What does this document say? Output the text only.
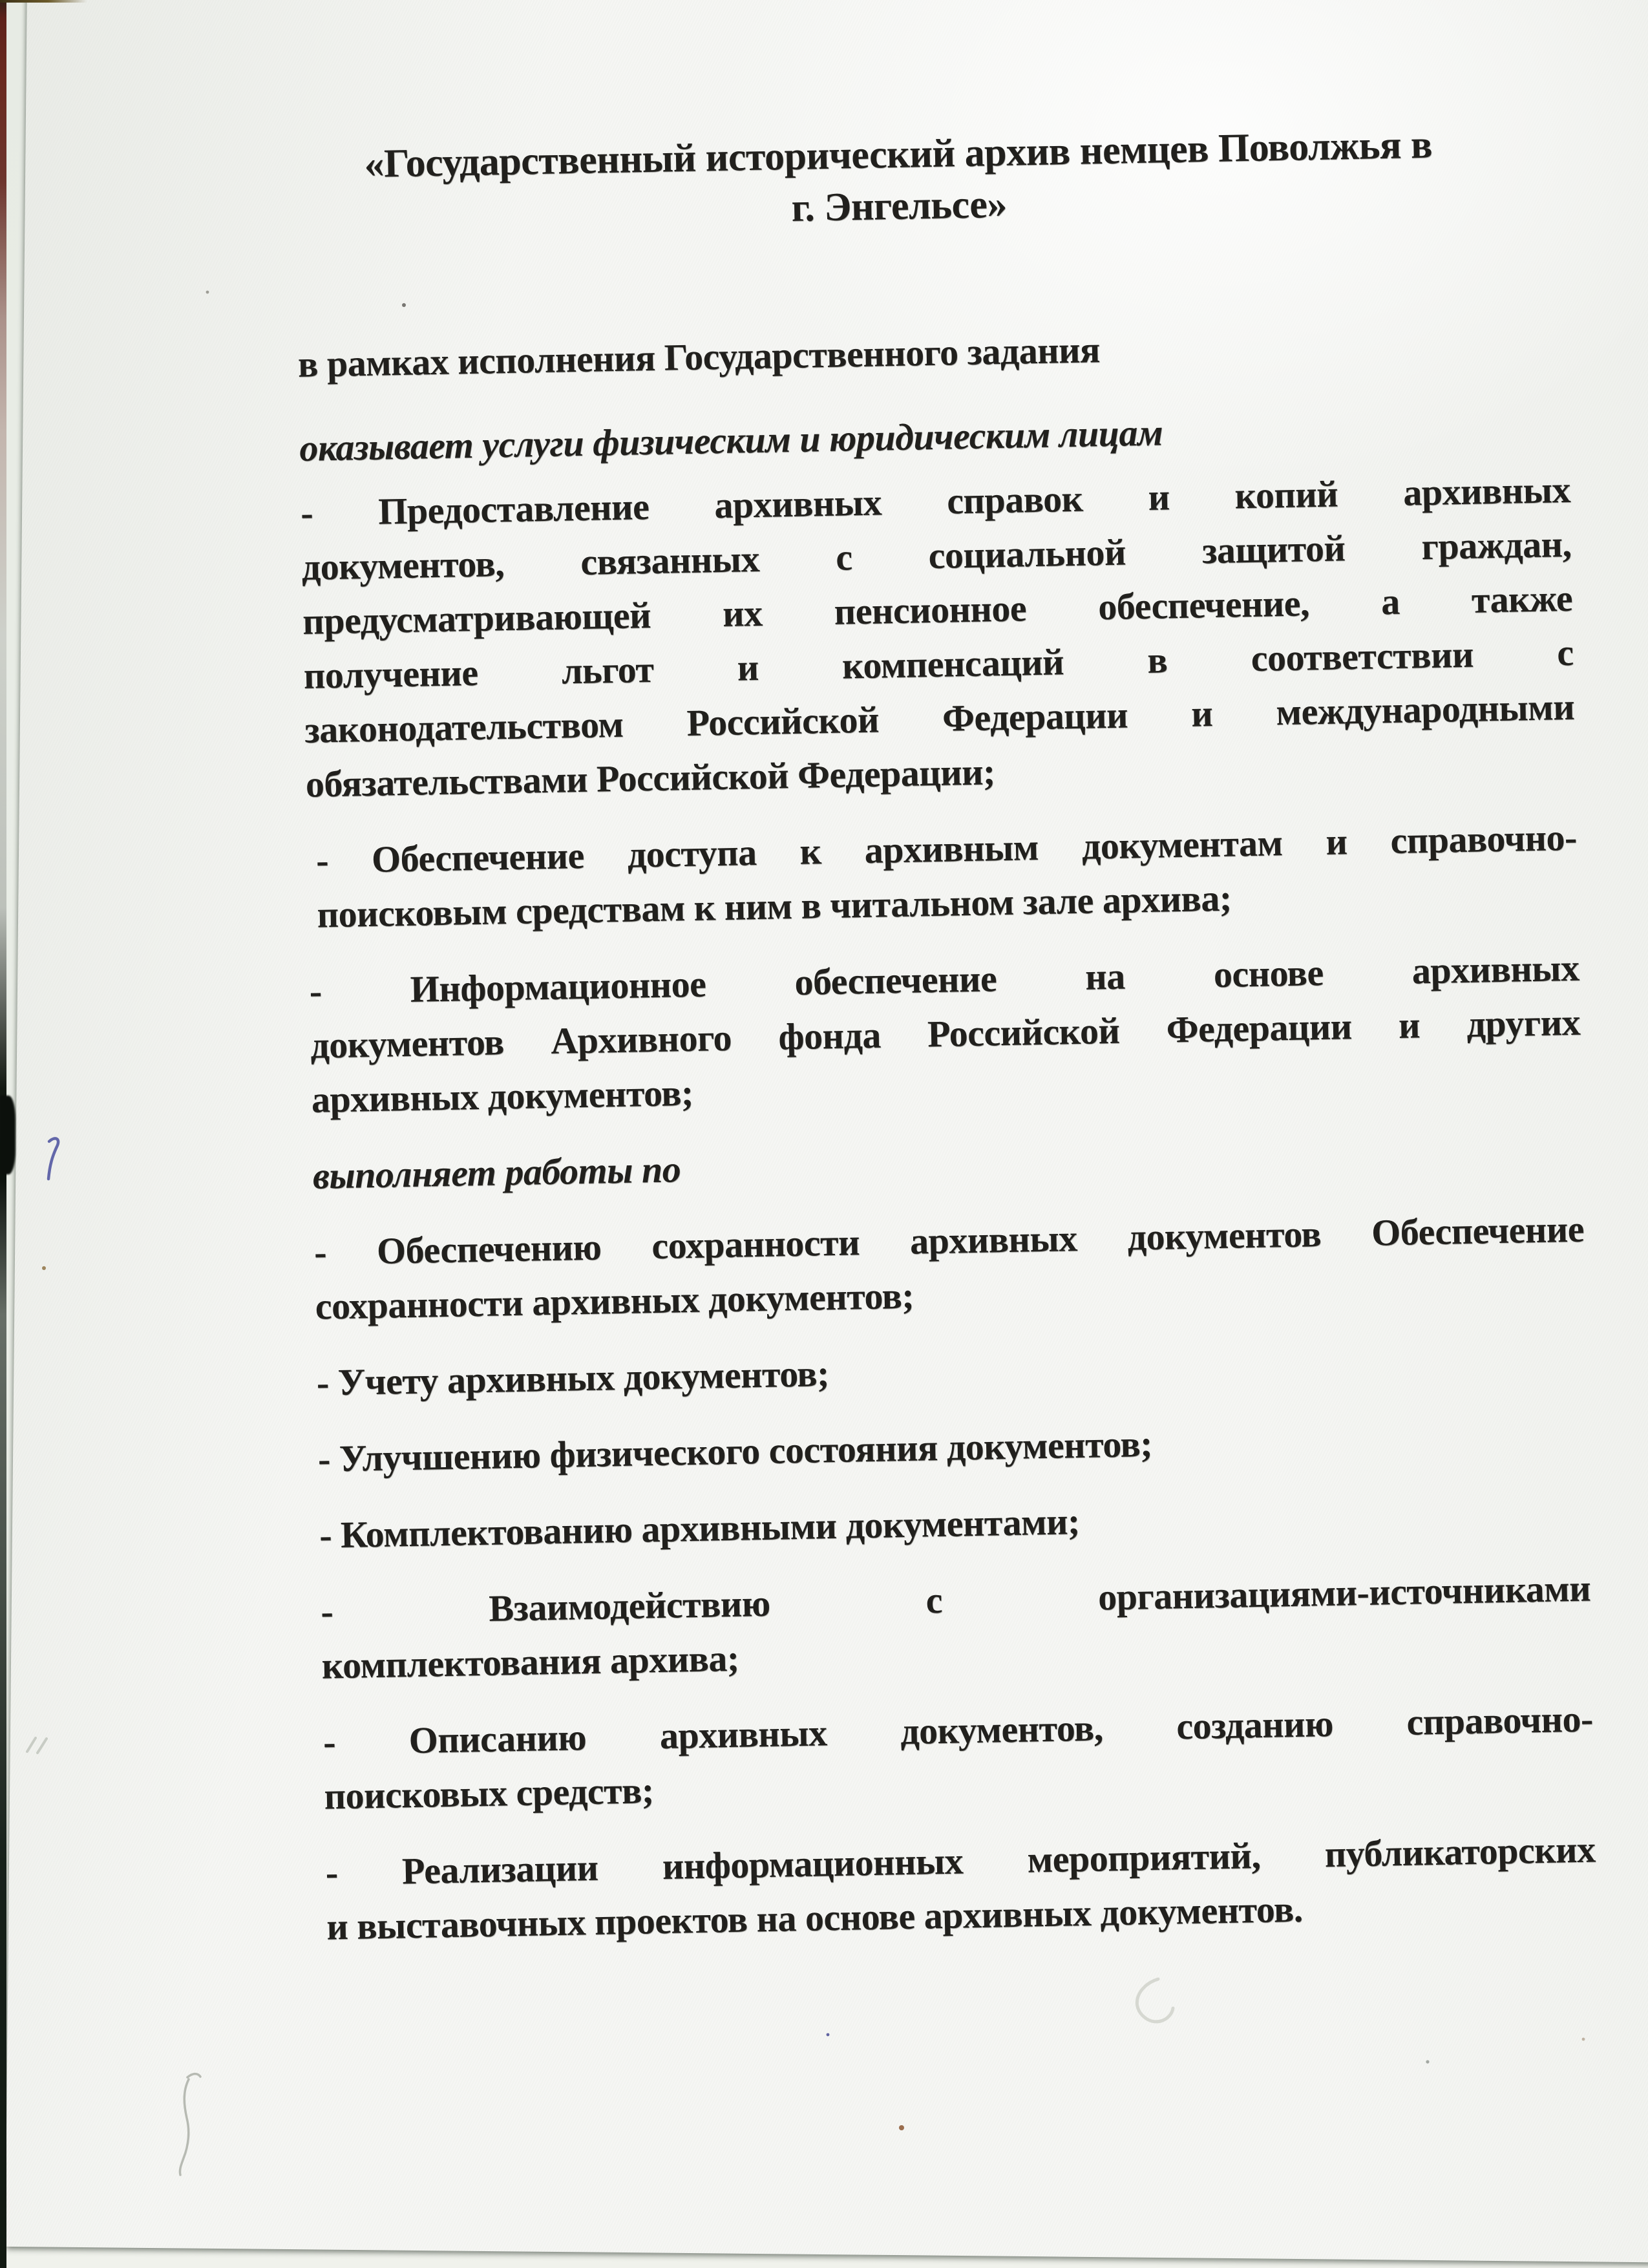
«Государственный исторический архив немцев Поволжья в
г. Энгельсе»

в рамках исполнения Государственного задания

оказывает услуги физическим и юридическим лицам

- Предоставление архивных справок и копий архивных
документов, связанных с социальной защитой граждан,
предусматривающей их пенсионное обеспечение, а также
получение льгот и компенсаций в соответствии с
законодательством Российской Федерации и международными
обязательствами Российской Федерации;
- Обеспечение доступа к архивным документам и справочно-
поисковым средствам к ним в читальном зале архива;
- Информационное обеспечение на основе архивных
документов Архивного фонда Российской Федерации и других
архивных документов;

выполняет работы по

- Обеспечению сохранности архивных документов Обеспечение
сохранности архивных документов;
- Учету архивных документов;
- Улучшению физического состояния документов;
- Комплектованию архивными документами;
- Взаимодействию с организациями-источниками
комплектования архива;
- Описанию архивных документов, созданию справочно-
поисковых средств;
- Реализации информационных мероприятий, публикаторских
и выставочных проектов на основе архивных документов.
